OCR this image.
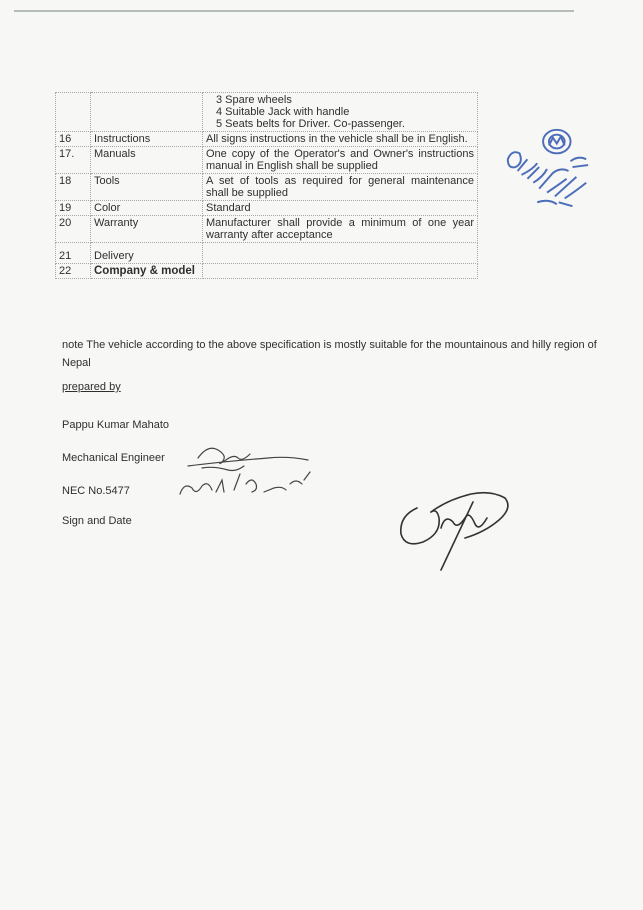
		3 Spare wheels
4 Suitable Jack with handle
5 Seats belts for Driver. Co-passenger.

16	Instructions	All signs instructions in the vehicle shall be in English.
17.	Manuals	One copy of the Operator's and Owner's instructions manual in English shall be supplied
18	Tools	A set of tools as required for general maintenance shall be supplied
19	Color	Standard
20	Warranty	Manufacturer shall provide a minimum of one year warranty after acceptance
21	Delivery	
22	Company & model	
note The vehicle according to the above specification is mostly suitable for the mountainous and hilly region of Nepal
prepared by
Pappu Kumar Mahato
Mechanical Engineer
NEC No.5477
Sign and Date
